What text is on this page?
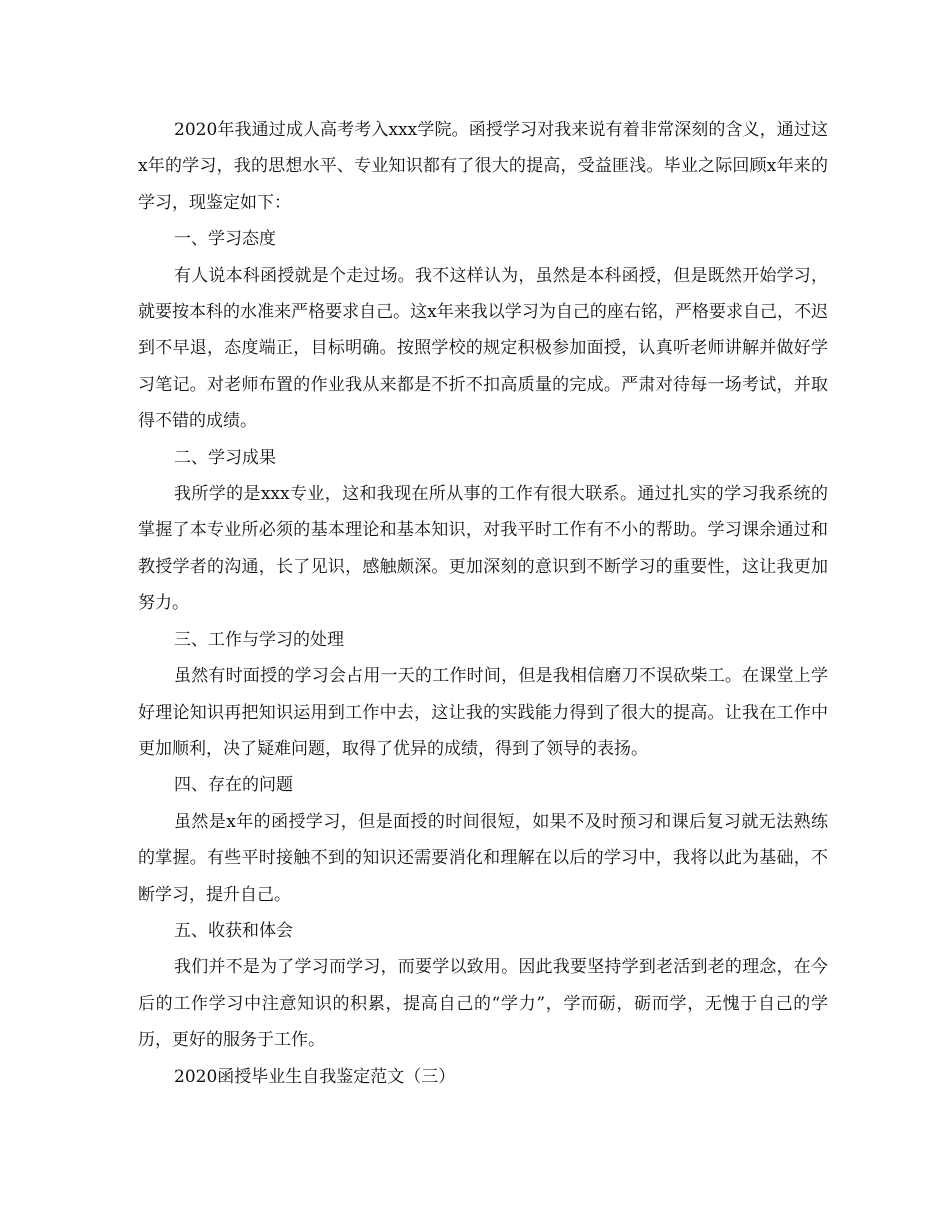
2020年我通过成人高考考入xxx学院。函授学习对我来说有着非常深刻的含义，通过这x年的学习，我的思想水平、专业知识都有了很大的提高，受益匪浅。毕业之际回顾x年来的学习，现鉴定如下：

一、学习态度

有人说本科函授就是个走过场。我不这样认为，虽然是本科函授，但是既然开始学习，就要按本科的水准来严格要求自己。这x年来我以学习为自己的座右铭，严格要求自己，不迟到不早退，态度端正，目标明确。按照学校的规定积极参加面授，认真听老师讲解并做好学习笔记。对老师布置的作业我从来都是不折不扣高质量的完成。严肃对待每一场考试，并取得不错的成绩。

二、学习成果

我所学的是xxx专业，这和我现在所从事的工作有很大联系。通过扎实的学习我系统的掌握了本专业所必须的基本理论和基本知识，对我平时工作有不小的帮助。学习课余通过和教授学者的沟通，长了见识，感触颇深。更加深刻的意识到不断学习的重要性，这让我更加努力。

三、工作与学习的处理

虽然有时面授的学习会占用一天的工作时间，但是我相信磨刀不误砍柴工。在课堂上学好理论知识再把知识运用到工作中去，这让我的实践能力得到了很大的提高。让我在工作中更加顺利，决了疑难问题，取得了优异的成绩，得到了领导的表扬。

四、存在的问题

虽然是x年的函授学习，但是面授的时间很短，如果不及时预习和课后复习就无法熟练的掌握。有些平时接触不到的知识还需要消化和理解在以后的学习中，我将以此为基础，不断学习，提升自己。

五、收获和体会

我们并不是为了学习而学习，而要学以致用。因此我要坚持学到老活到老的理念，在今后的工作学习中注意知识的积累，提高自己的“学力”，学而砺，砺而学，无愧于自己的学历，更好的服务于工作。

2020函授毕业生自我鉴定范文（三）
